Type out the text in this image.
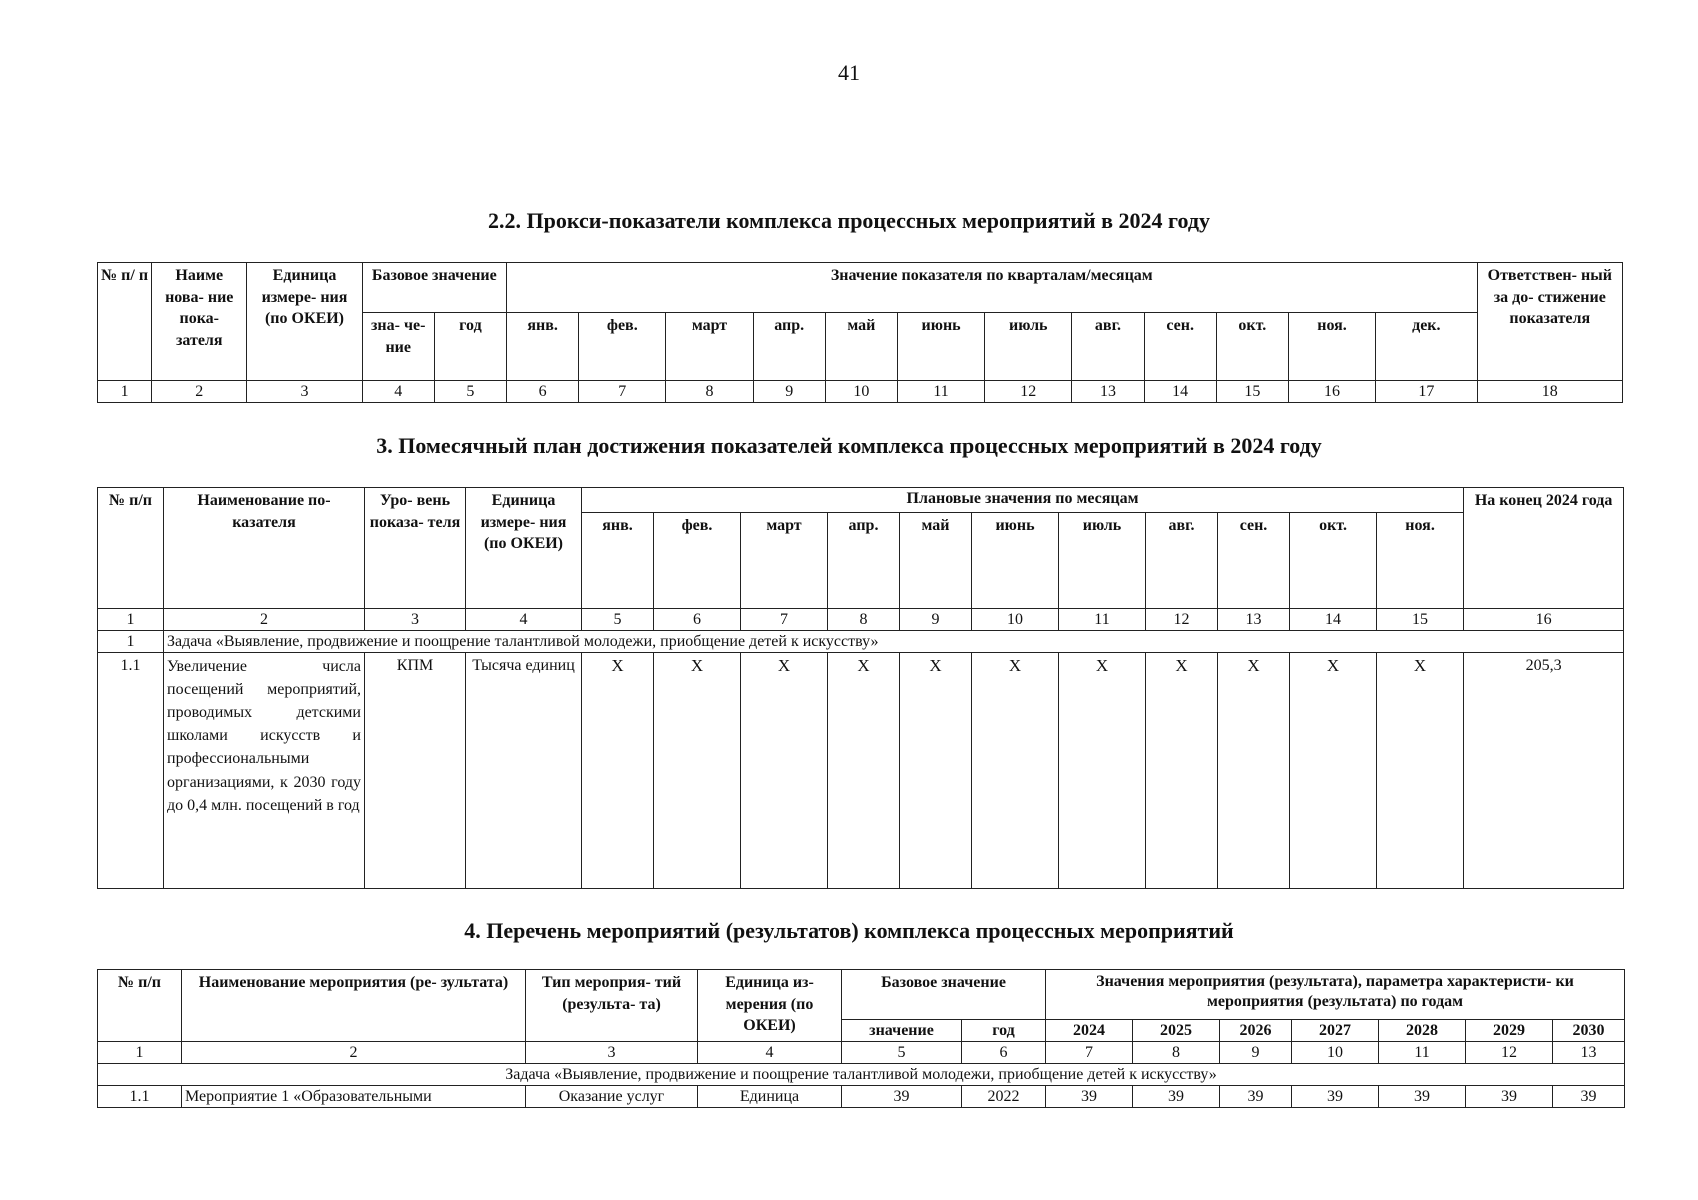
41
2.2. Прокси-показатели комплекса процессных мероприятий в 2024 году
№ п/ п	Наиме нова- ние пока- зателя	Единица измере- ния (по ОКЕИ)	Базовое значение		Значение показателя по кварталам/месяцам												Ответствен- ный за до- стижение показателя
			зна- че- ние	год	янв.	фев.	март	апр.	май	июнь	июль	авг.	сен.	окт.	ноя.	дек.	
1	2	3	4	5	6	7	8	9	10	11	12	13	14	15	16	17	18
3. Помесячный план достижения показателей комплекса процессных мероприятий в 2024 году
№ п/п	Наименование по- казателя	Уро- вень показа- теля	Единица измере- ния (по ОКЕИ)	Плановые значения по месяцам											На конец 2024 года
				янв.	фев.	март	апр.	май	июнь	июль	авг.	сен.	окт.	ноя.	
1	2	3	4	5	6	7	8	9	10	11	12	13	14	15	16
1	Задача «Выявление, продвижение и поощрение талантливой молодежи, приобщение детей к искусству»														
1.1	Увеличение числа посещений мероприятий, проводимых детскими школами искусств и профессиональными организациями, к 2030 году до 0,4 млн. посещений в год	КПМ	Тысяча единиц	X	X	X	X	X	X	X	X	X	X	X	205,3
4. Перечень мероприятий (результатов) комплекса процессных мероприятий
№ п/п	Наименование мероприятия (ре- зультата)	Тип мероприя- тий (результа- та)	Единица из- мерения (по ОКЕИ)	Базовое значение		Значения мероприятия (результата), параметра характеристи- ки мероприятия (результата) по годам						
				значение	год	2024	2025	2026	2027	2028	2029	2030
1	2	3	4	5	6	7	8	9	10	11	12	13
Задача «Выявление, продвижение и поощрение талантливой молодежи, приобщение детей к искусству»												
1.1	Мероприятие 1 «Образовательными	Оказание услуг	Единица	39	2022	39	39	39	39	39	39	39
